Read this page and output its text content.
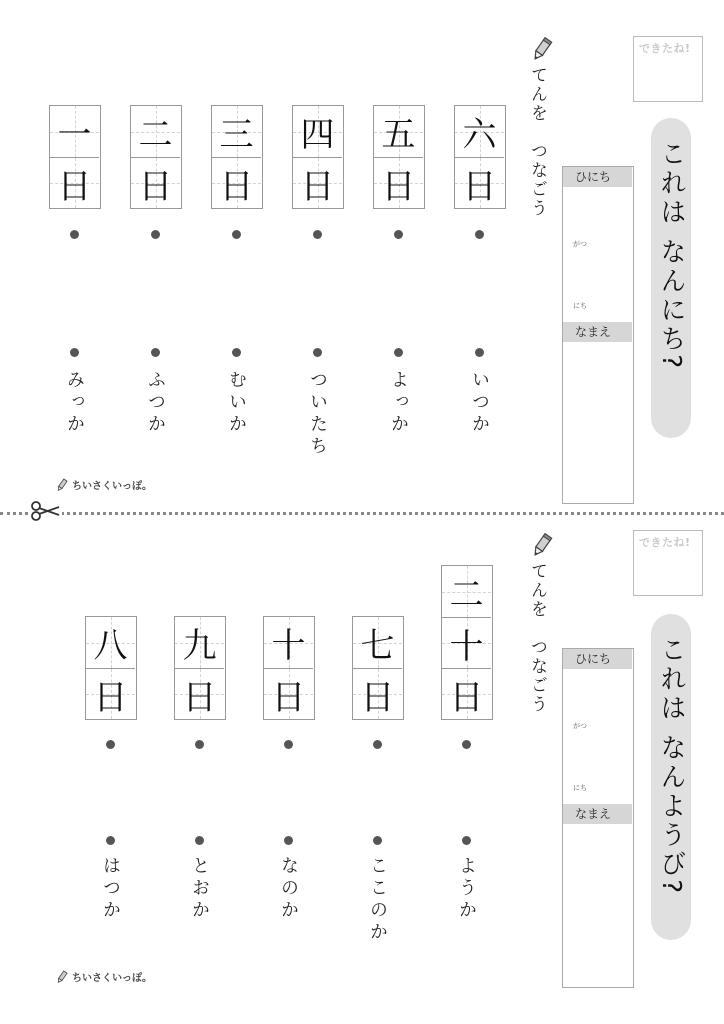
できたね!
これは なんにち?
ひにち
がつ
にち
なまえ
てんを　つなごう
六
日
五
日
四
日
三
日
二
日
一
日
いつか
よっか
ついたち
むいか
ふつか
みっか
ちいさくいっぽ。
できたね!
これは なんようび?
ひにち
がつ
にち
なまえ
てんを　つなごう
二
十
日
七
日
十
日
九
日
八
日
ようか
ここのか
なのか
とおか
はつか
ちいさくいっぽ。
